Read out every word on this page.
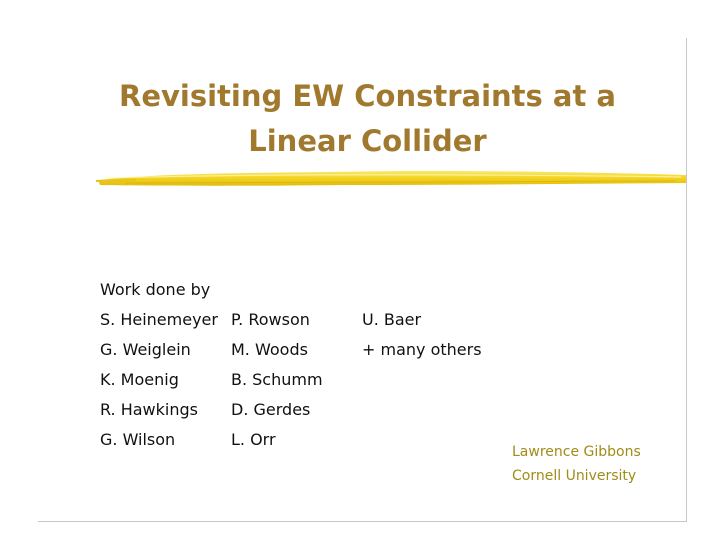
Revisiting EW Constraints at a
Linear Collider
Work done by
S. Heinemeyer	P. Rowson	U. Baer
G. Weiglein	M. Woods	+ many others
K. Moenig	B. Schumm	
R. Hawkings	D. Gerdes	
G. Wilson	L. Orr	
Lawrence Gibbons
Cornell University
